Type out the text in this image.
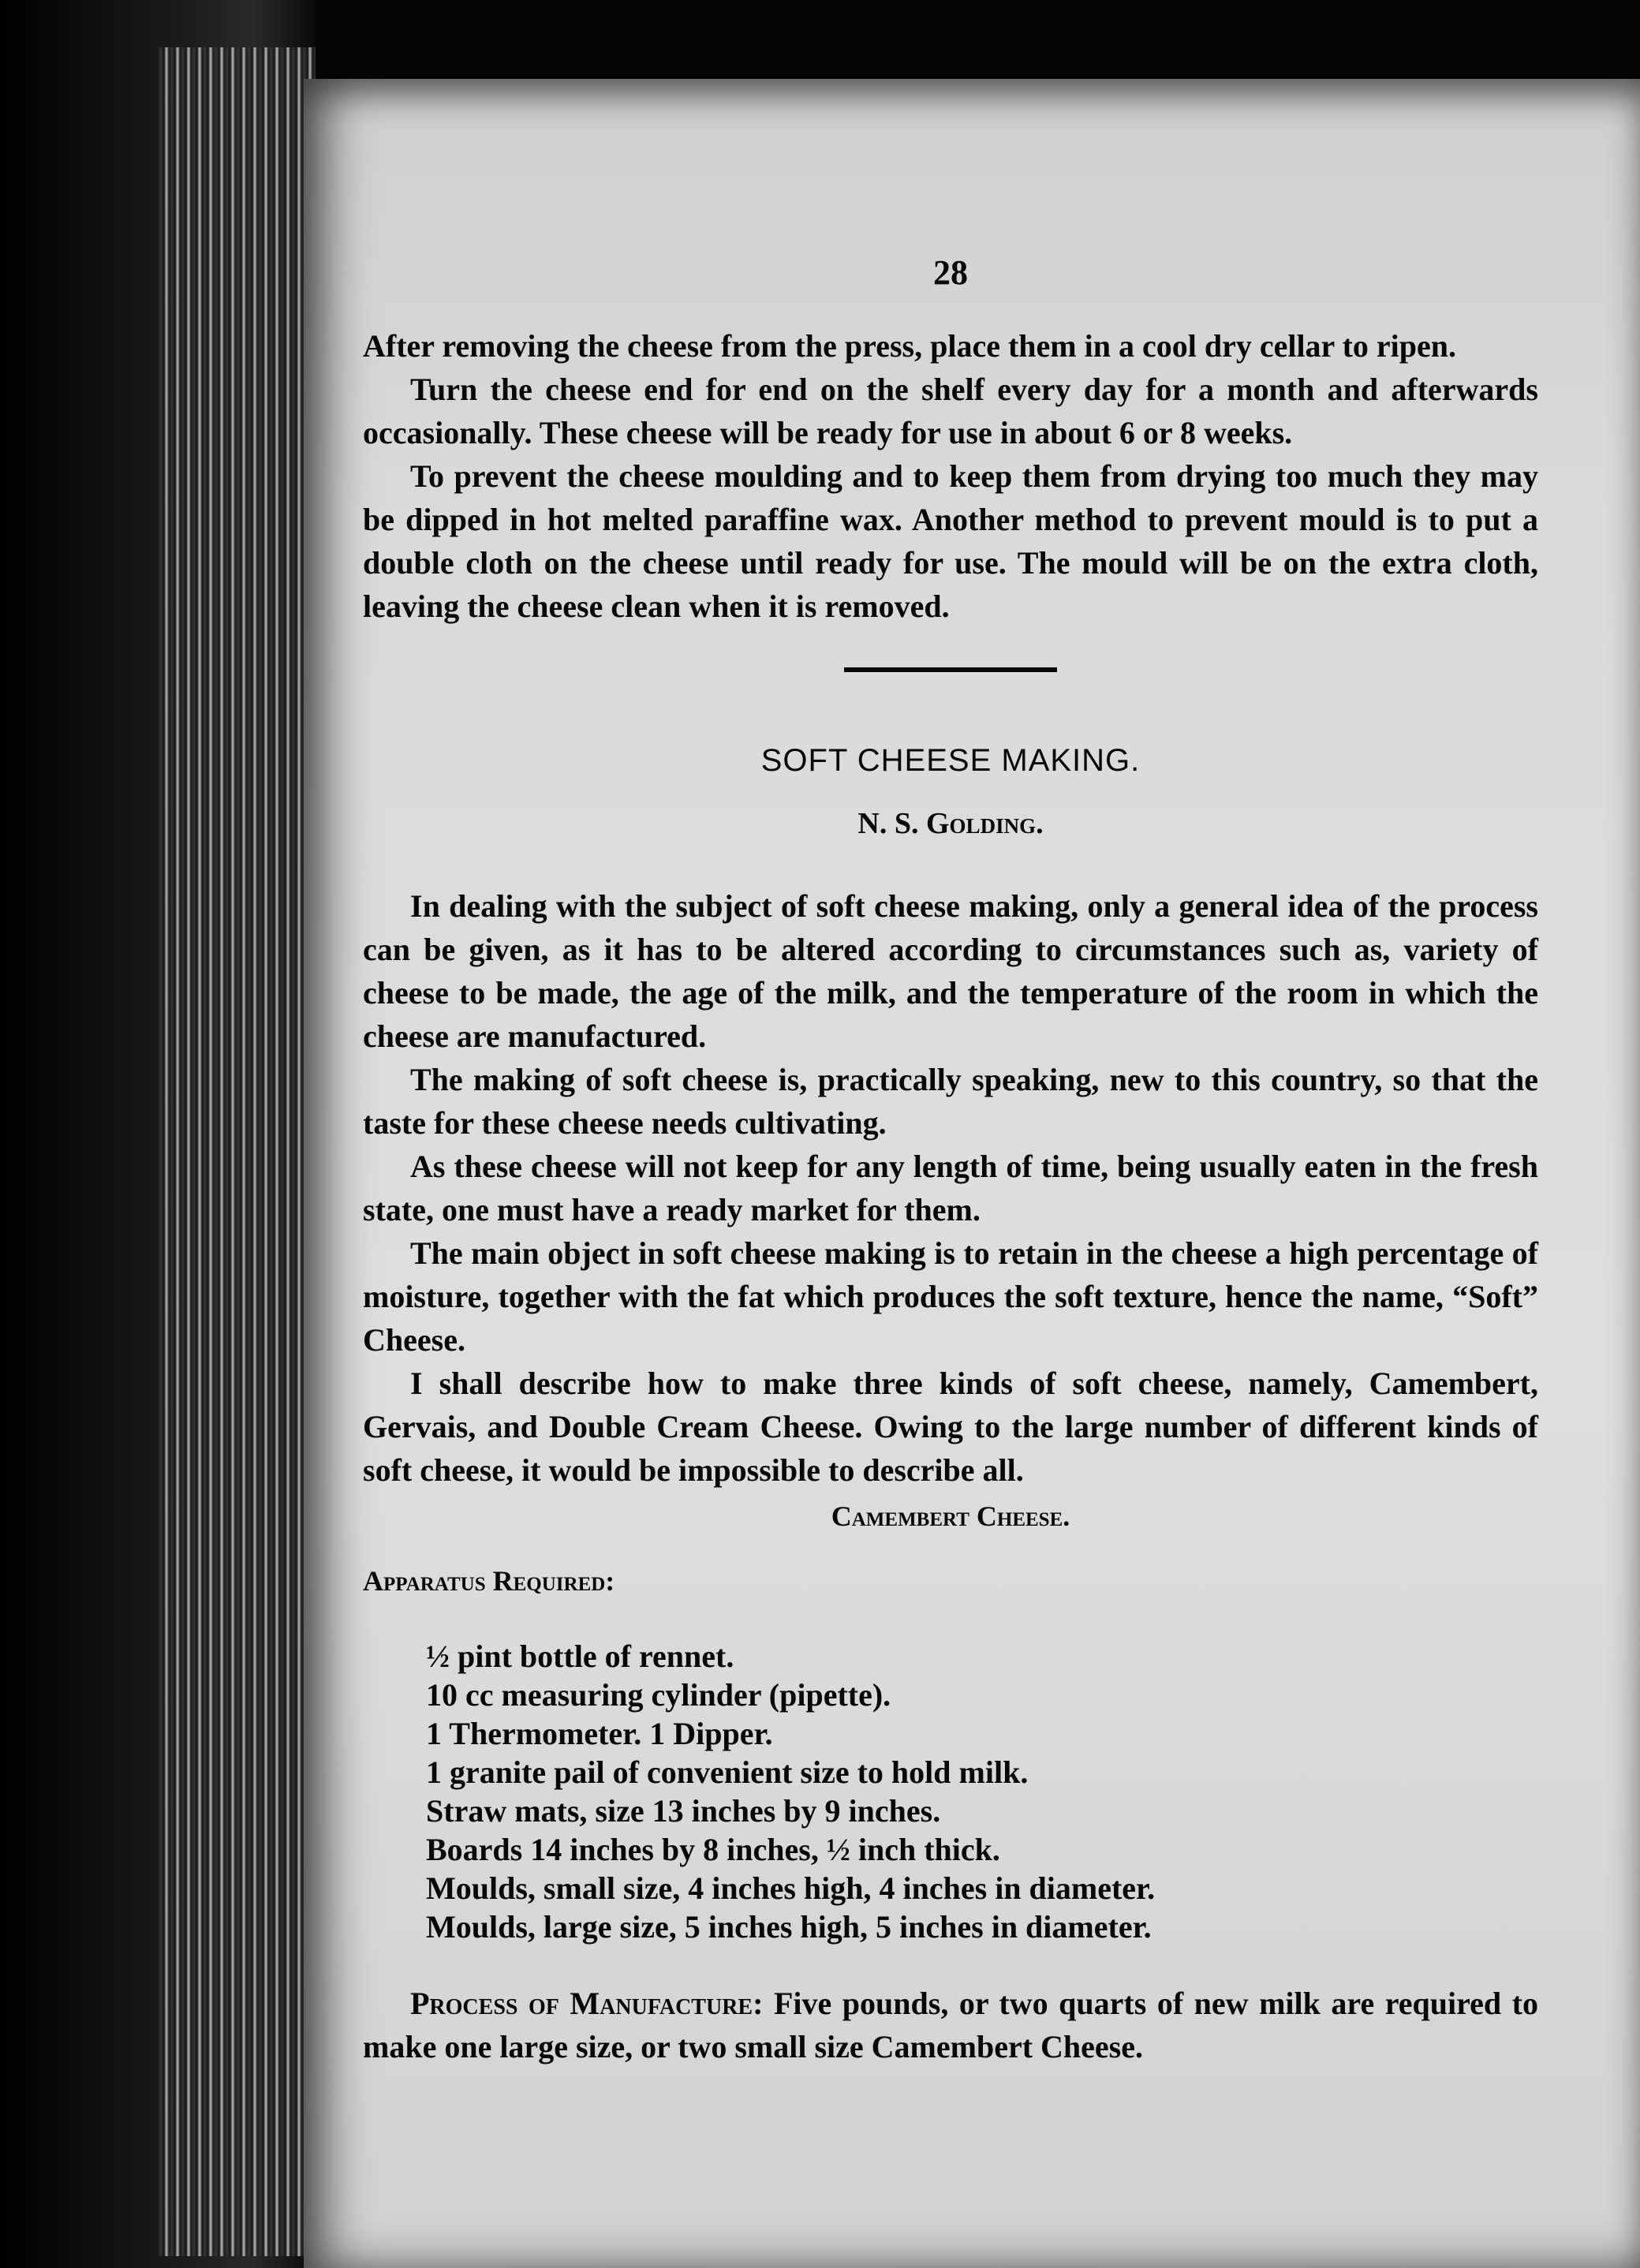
28

After removing the cheese from the press, place them in a cool dry cellar to ripen.

Turn the cheese end for end on the shelf every day for a month and afterwards occasionally. These cheese will be ready for use in about 6 or 8 weeks.

To prevent the cheese moulding and to keep them from drying too much they may be dipped in hot melted paraffine wax. Another method to prevent mould is to put a double cloth on the cheese until ready for use. The mould will be on the extra cloth, leaving the cheese clean when it is removed.

SOFT CHEESE MAKING.
N. S. Golding.

In dealing with the subject of soft cheese making, only a general idea of the process can be given, as it has to be altered according to circumstances such as, variety of cheese to be made, the age of the milk, and the temperature of the room in which the cheese are manufactured.

The making of soft cheese is, practically speaking, new to this country, so that the taste for these cheese needs cultivating.

As these cheese will not keep for any length of time, being usually eaten in the fresh state, one must have a ready market for them.

The main object in soft cheese making is to retain in the cheese a high percentage of moisture, together with the fat which produces the soft texture, hence the name, “Soft” Cheese.

I shall describe how to make three kinds of soft cheese, namely, Camembert, Gervais, and Double Cream Cheese. Owing to the large number of different kinds of soft cheese, it would be impossible to describe all.

Camembert Cheese.
Apparatus Required:
½ pint bottle of rennet.
10 cc measuring cylinder (pipette).
1 Thermometer. 1 Dipper.
1 granite pail of convenient size to hold milk.
Straw mats, size 13 inches by 9 inches.
Boards 14 inches by 8 inches, ½ inch thick.
Moulds, small size, 4 inches high, 4 inches in diameter.
Moulds, large size, 5 inches high, 5 inches in diameter.

Process of Manufacture: Five pounds, or two quarts of new milk are required to make one large size, or two small size Camembert Cheese.
